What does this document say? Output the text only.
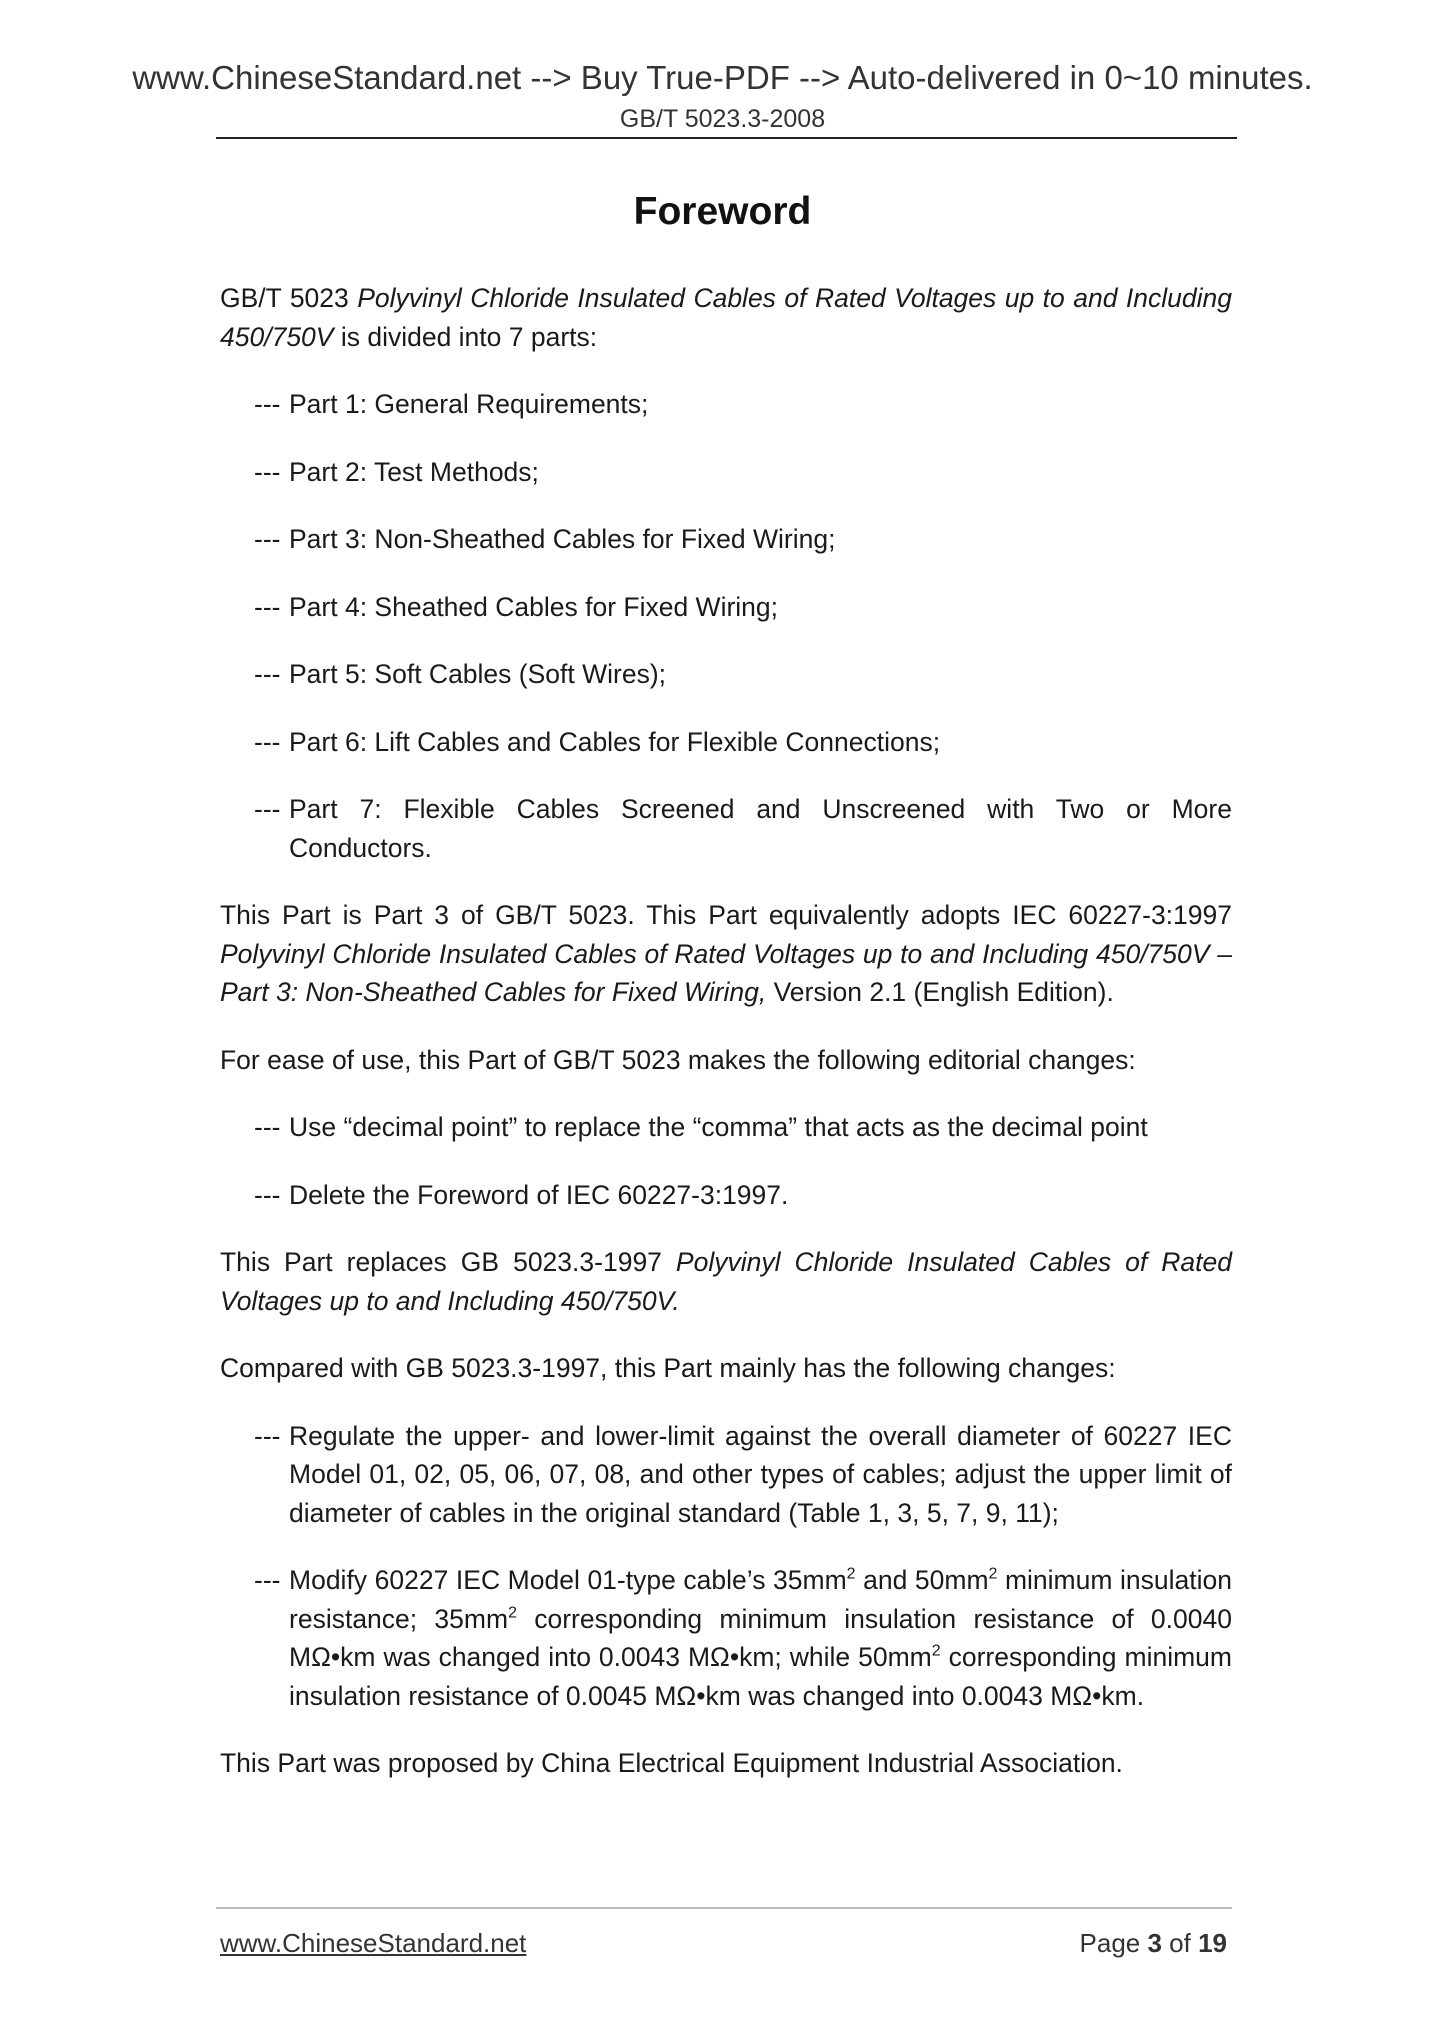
www.ChineseStandard.net --> Buy True-PDF --> Auto-delivered in 0~10 minutes.
GB/T 5023.3-2008
Foreword

GB/T 5023 Polyvinyl Chloride Insulated Cables of Rated Voltages up to and Including 450/750V is divided into 7 parts:

--- Part 1: General Requirements;

--- Part 2: Test Methods;

--- Part 3: Non-Sheathed Cables for Fixed Wiring;

--- Part 4: Sheathed Cables for Fixed Wiring;

--- Part 5: Soft Cables (Soft Wires);

--- Part 6: Lift Cables and Cables for Flexible Connections;

--- Part 7: Flexible Cables Screened and Unscreened with Two or More Conductors.

This Part is Part 3 of GB/T 5023. This Part equivalently adopts IEC 60227-3:1997 Polyvinyl Chloride Insulated Cables of Rated Voltages up to and Including 450/750V – Part 3: Non-Sheathed Cables for Fixed Wiring, Version 2.1 (English Edition).

For ease of use, this Part of GB/T 5023 makes the following editorial changes:

--- Use “decimal point” to replace the “comma” that acts as the decimal point

--- Delete the Foreword of IEC 60227-3:1997.

This Part replaces GB 5023.3-1997 Polyvinyl Chloride Insulated Cables of Rated Voltages up to and Including 450/750V.

Compared with GB 5023.3-1997, this Part mainly has the following changes:

--- Regulate the upper- and lower-limit against the overall diameter of 60227 IEC Model 01, 02, 05, 06, 07, 08, and other types of cables; adjust the upper limit of diameter of cables in the original standard (Table 1, 3, 5, 7, 9, 11);

--- Modify 60227 IEC Model 01-type cable’s $35mm^2$ and $50mm^2$ minimum insulation resistance; $35mm^2$ corresponding minimum insulation resistance of 0.0040 MΩ•km was changed into 0.0043 MΩ•km; while $50mm^2$ corresponding minimum insulation resistance of 0.0045 MΩ•km was changed into 0.0043 MΩ•km.

This Part was proposed by China Electrical Equipment Industrial Association.

www.ChineseStandard.net	Page 3 of 19
